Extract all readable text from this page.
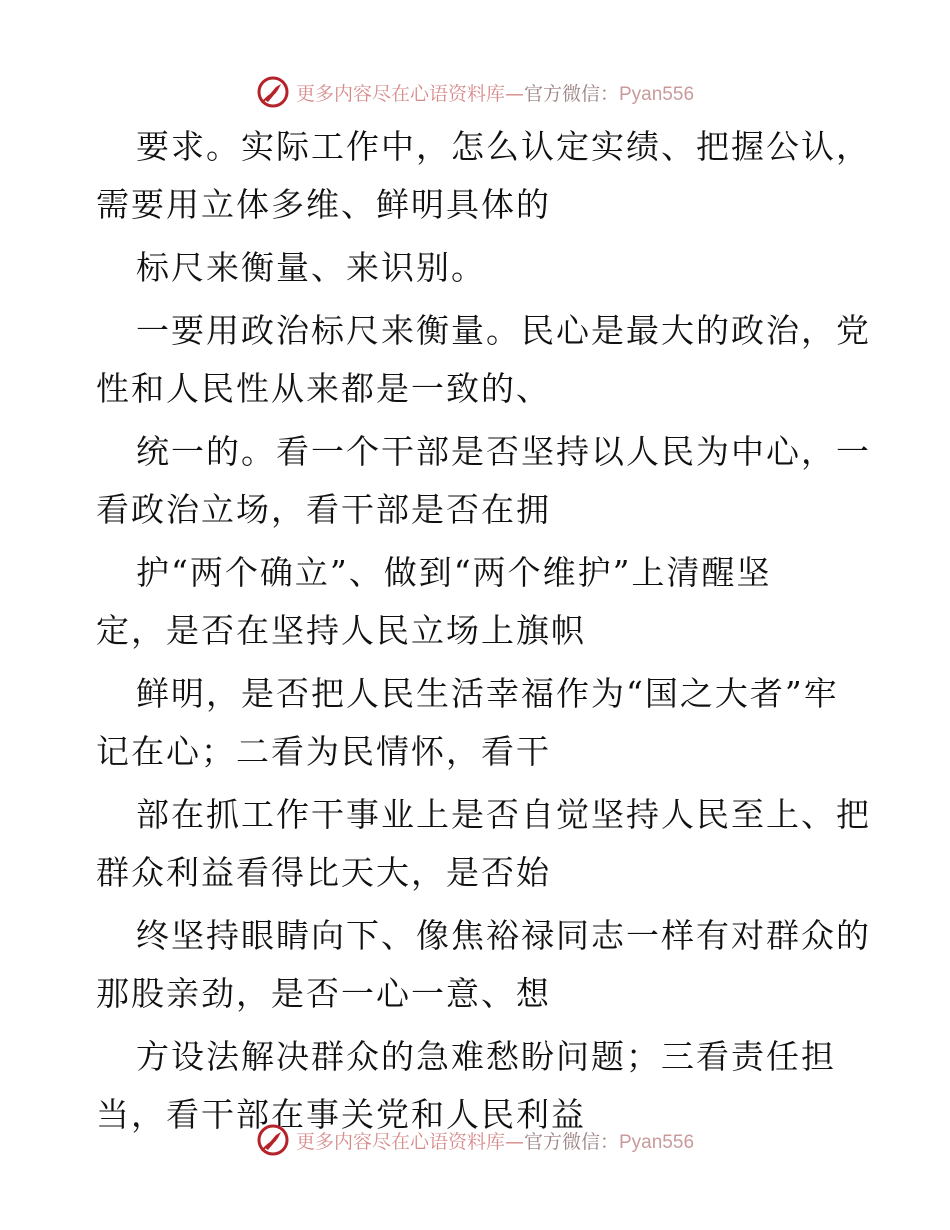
更多内容尽在心语资料库—官方微信：Pyan556
要求。实际工作中，怎么认定实绩、把握公认，
需要用立体多维、鲜明具体的
标尺来衡量、来识别。
一要用政治标尺来衡量。民心是最大的政治，党
性和人民性从来都是一致的、
统一的。看一个干部是否坚持以人民为中心，一
看政治立场，看干部是否在拥
护“两个确立”、做到“两个维护”上清醒坚
定，是否在坚持人民立场上旗帜
鲜明，是否把人民生活幸福作为“国之大者”牢
记在心；二看为民情怀，看干
部在抓工作干事业上是否自觉坚持人民至上、把
群众利益看得比天大，是否始
终坚持眼睛向下、像焦裕禄同志一样有对群众的
那股亲劲，是否一心一意、想
方设法解决群众的急难愁盼问题；三看责任担
当，看干部在事关党和人民利益
更多内容尽在心语资料库—官方微信：Pyan556
